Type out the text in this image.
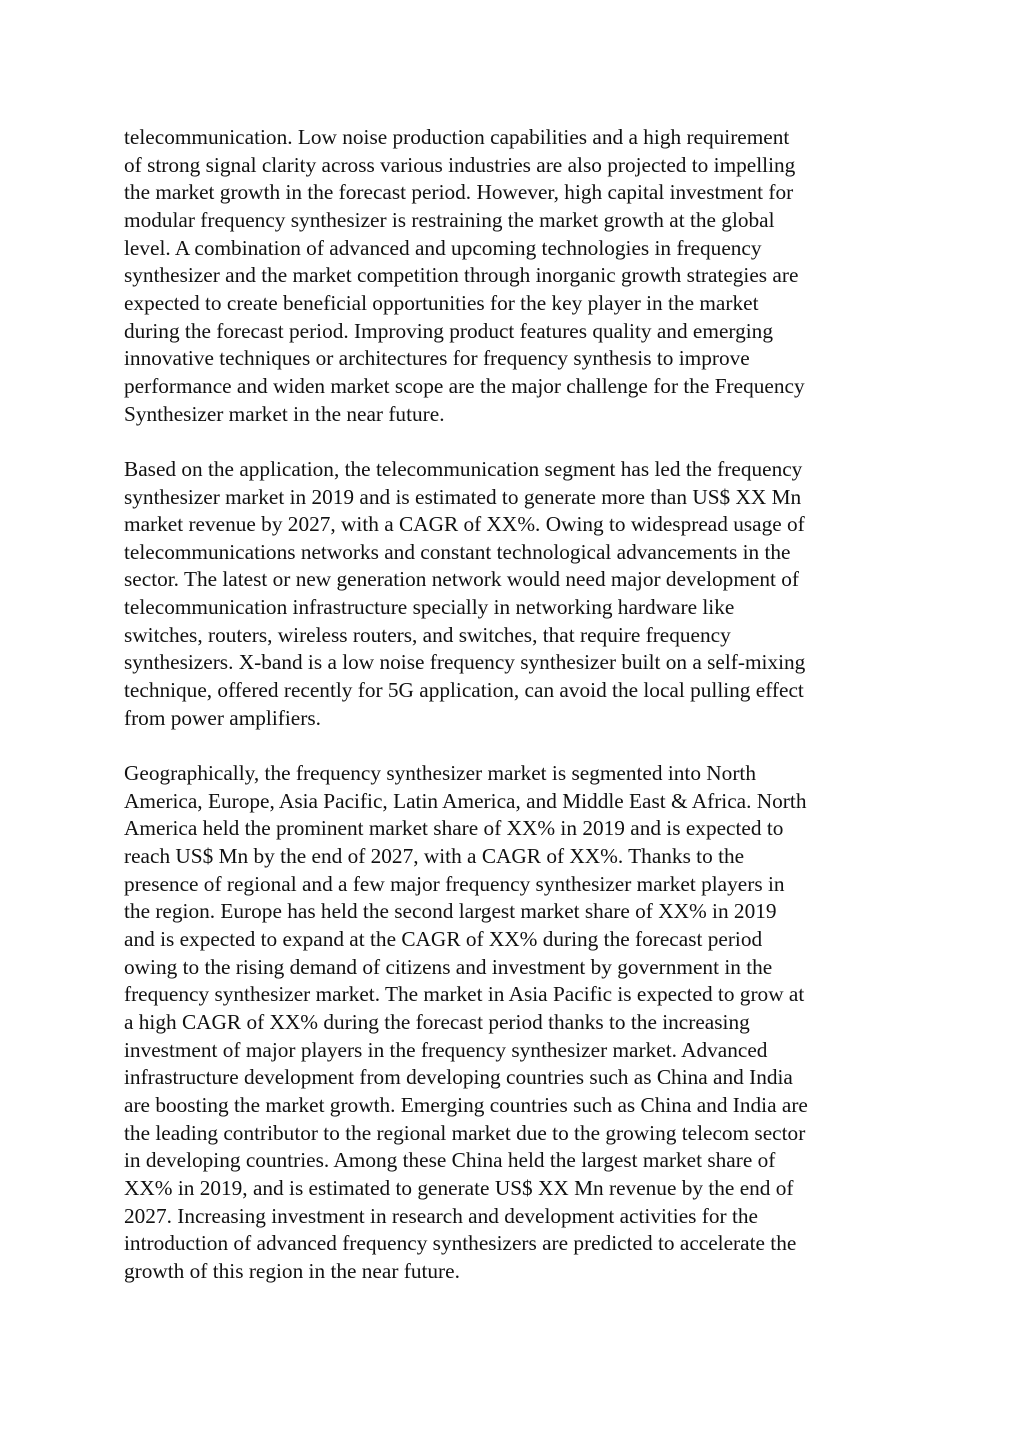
telecommunication. Low noise production capabilities and a high requirement
of strong signal clarity across various industries are also projected to impelling
the market growth in the forecast period. However, high capital investment for
modular frequency synthesizer is restraining the market growth at the global
level. A combination of advanced and upcoming technologies in frequency
synthesizer and the market competition through inorganic growth strategies are
expected to create beneficial opportunities for the key player in the market
during the forecast period. Improving product features quality and emerging
innovative techniques or architectures for frequency synthesis to improve
performance and widen market scope are the major challenge for the Frequency
Synthesizer market in the near future.

Based on the application, the telecommunication segment has led the frequency
synthesizer market in 2019 and is estimated to generate more than US$ XX Mn
market revenue by 2027, with a CAGR of XX%. Owing to widespread usage of
telecommunications networks and constant technological advancements in the
sector. The latest or new generation network would need major development of
telecommunication infrastructure specially in networking hardware like
switches, routers, wireless routers, and switches, that require frequency
synthesizers. X-band is a low noise frequency synthesizer built on a self-mixing
technique, offered recently for 5G application, can avoid the local pulling effect
from power amplifiers.

Geographically, the frequency synthesizer market is segmented into North
America, Europe, Asia Pacific, Latin America, and Middle East & Africa. North
America held the prominent market share of XX% in 2019 and is expected to
reach US$ Mn by the end of 2027, with a CAGR of XX%. Thanks to the
presence of regional and a few major frequency synthesizer market players in
the region. Europe has held the second largest market share of XX% in 2019
and is expected to expand at the CAGR of XX% during the forecast period
owing to the rising demand of citizens and investment by government in the
frequency synthesizer market. The market in Asia Pacific is expected to grow at
a high CAGR of XX% during the forecast period thanks to the increasing
investment of major players in the frequency synthesizer market. Advanced
infrastructure development from developing countries such as China and India
are boosting the market growth. Emerging countries such as China and India are
the leading contributor to the regional market due to the growing telecom sector
in developing countries. Among these China held the largest market share of
XX% in 2019, and is estimated to generate US$ XX Mn revenue by the end of
2027. Increasing investment in research and development activities for the
introduction of advanced frequency synthesizers are predicted to accelerate the
growth of this region in the near future.
